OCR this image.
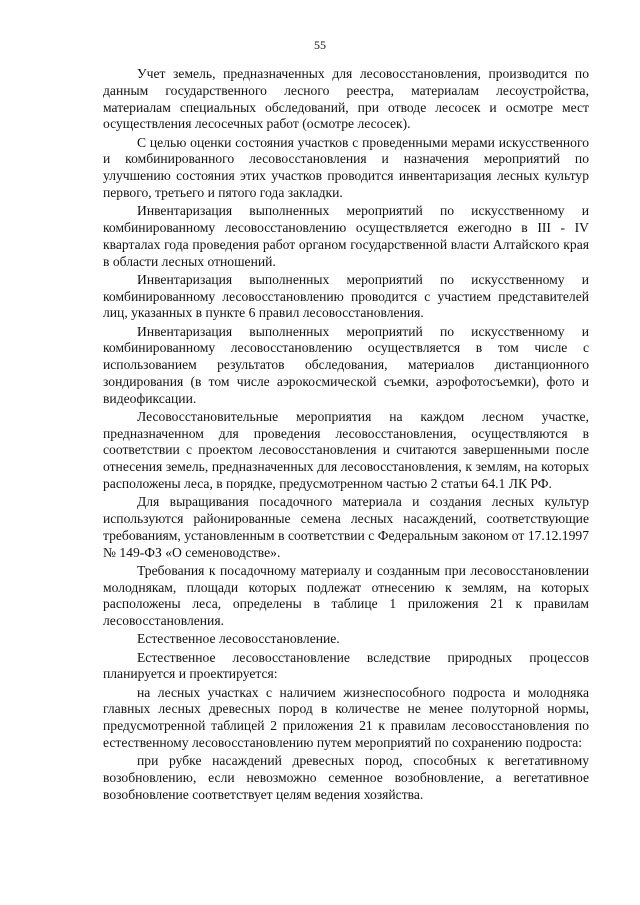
55

Учет земель, предназначенных для лесовосстановления, производится по данным государственного лесного реестра, материалам лесоустройства, материалам специальных обследований, при отводе лесосек и осмотре мест осуществления лесосечных работ (осмотре лесосек).

С целью оценки состояния участков с проведенными мерами искусственного и комбинированного лесовосстановления и назначения мероприятий по улучшению состояния этих участков проводится инвентаризация лесных культур первого, третьего и пятого года закладки.

Инвентаризация выполненных мероприятий по искусственному и комбинированному лесовосстановлению осуществляется ежегодно в III - IV кварталах года проведения работ органом государственной власти Алтайского края в области лесных отношений.

Инвентаризация выполненных мероприятий по искусственному и комбинированному лесовосстановлению проводится с участием представителей лиц, указанных в пункте 6 правил лесовосстановления.

Инвентаризация выполненных мероприятий по искусственному и комбинированному лесовосстановлению осуществляется в том числе с использованием результатов обследования, материалов дистанционного зондирования (в том числе аэрокосмической съемки, аэрофотосъемки), фото и видеофиксации.

Лесовосстановительные мероприятия на каждом лесном участке, предназначенном для проведения лесовосстановления, осуществляются в соответствии с проектом лесовосстановления и считаются завершенными после отнесения земель, предназначенных для лесовосстановления, к землям, на которых расположены леса, в порядке, предусмотренном частью 2 статьи 64.1 ЛК РФ.

Для выращивания посадочного материала и создания лесных культур используются районированные семена лесных насаждений, соответствующие требованиям, установленным в соответствии с Федеральным законом от 17.12.1997 № 149-ФЗ «О семеноводстве».

Требования к посадочному материалу и созданным при лесовосстановлении молоднякам, площади которых подлежат отнесению к землям, на которых расположены леса, определены в таблице 1 приложения 21 к правилам лесовосстановления.

Естественное лесовосстановление.

Естественное лесовосстановление вследствие природных процессов планируется и проектируется:

на лесных участках с наличием жизнеспособного подроста и молодняка главных лесных древесных пород в количестве не менее полуторной нормы, предусмотренной таблицей 2 приложения 21 к правилам лесовосстановления по естественному лесовосстановлению путем мероприятий по сохранению подроста:

при рубке насаждений древесных пород, способных к вегетативному возобновлению, если невозможно семенное возобновление, а вегетативное возобновление соответствует целям ведения хозяйства.
